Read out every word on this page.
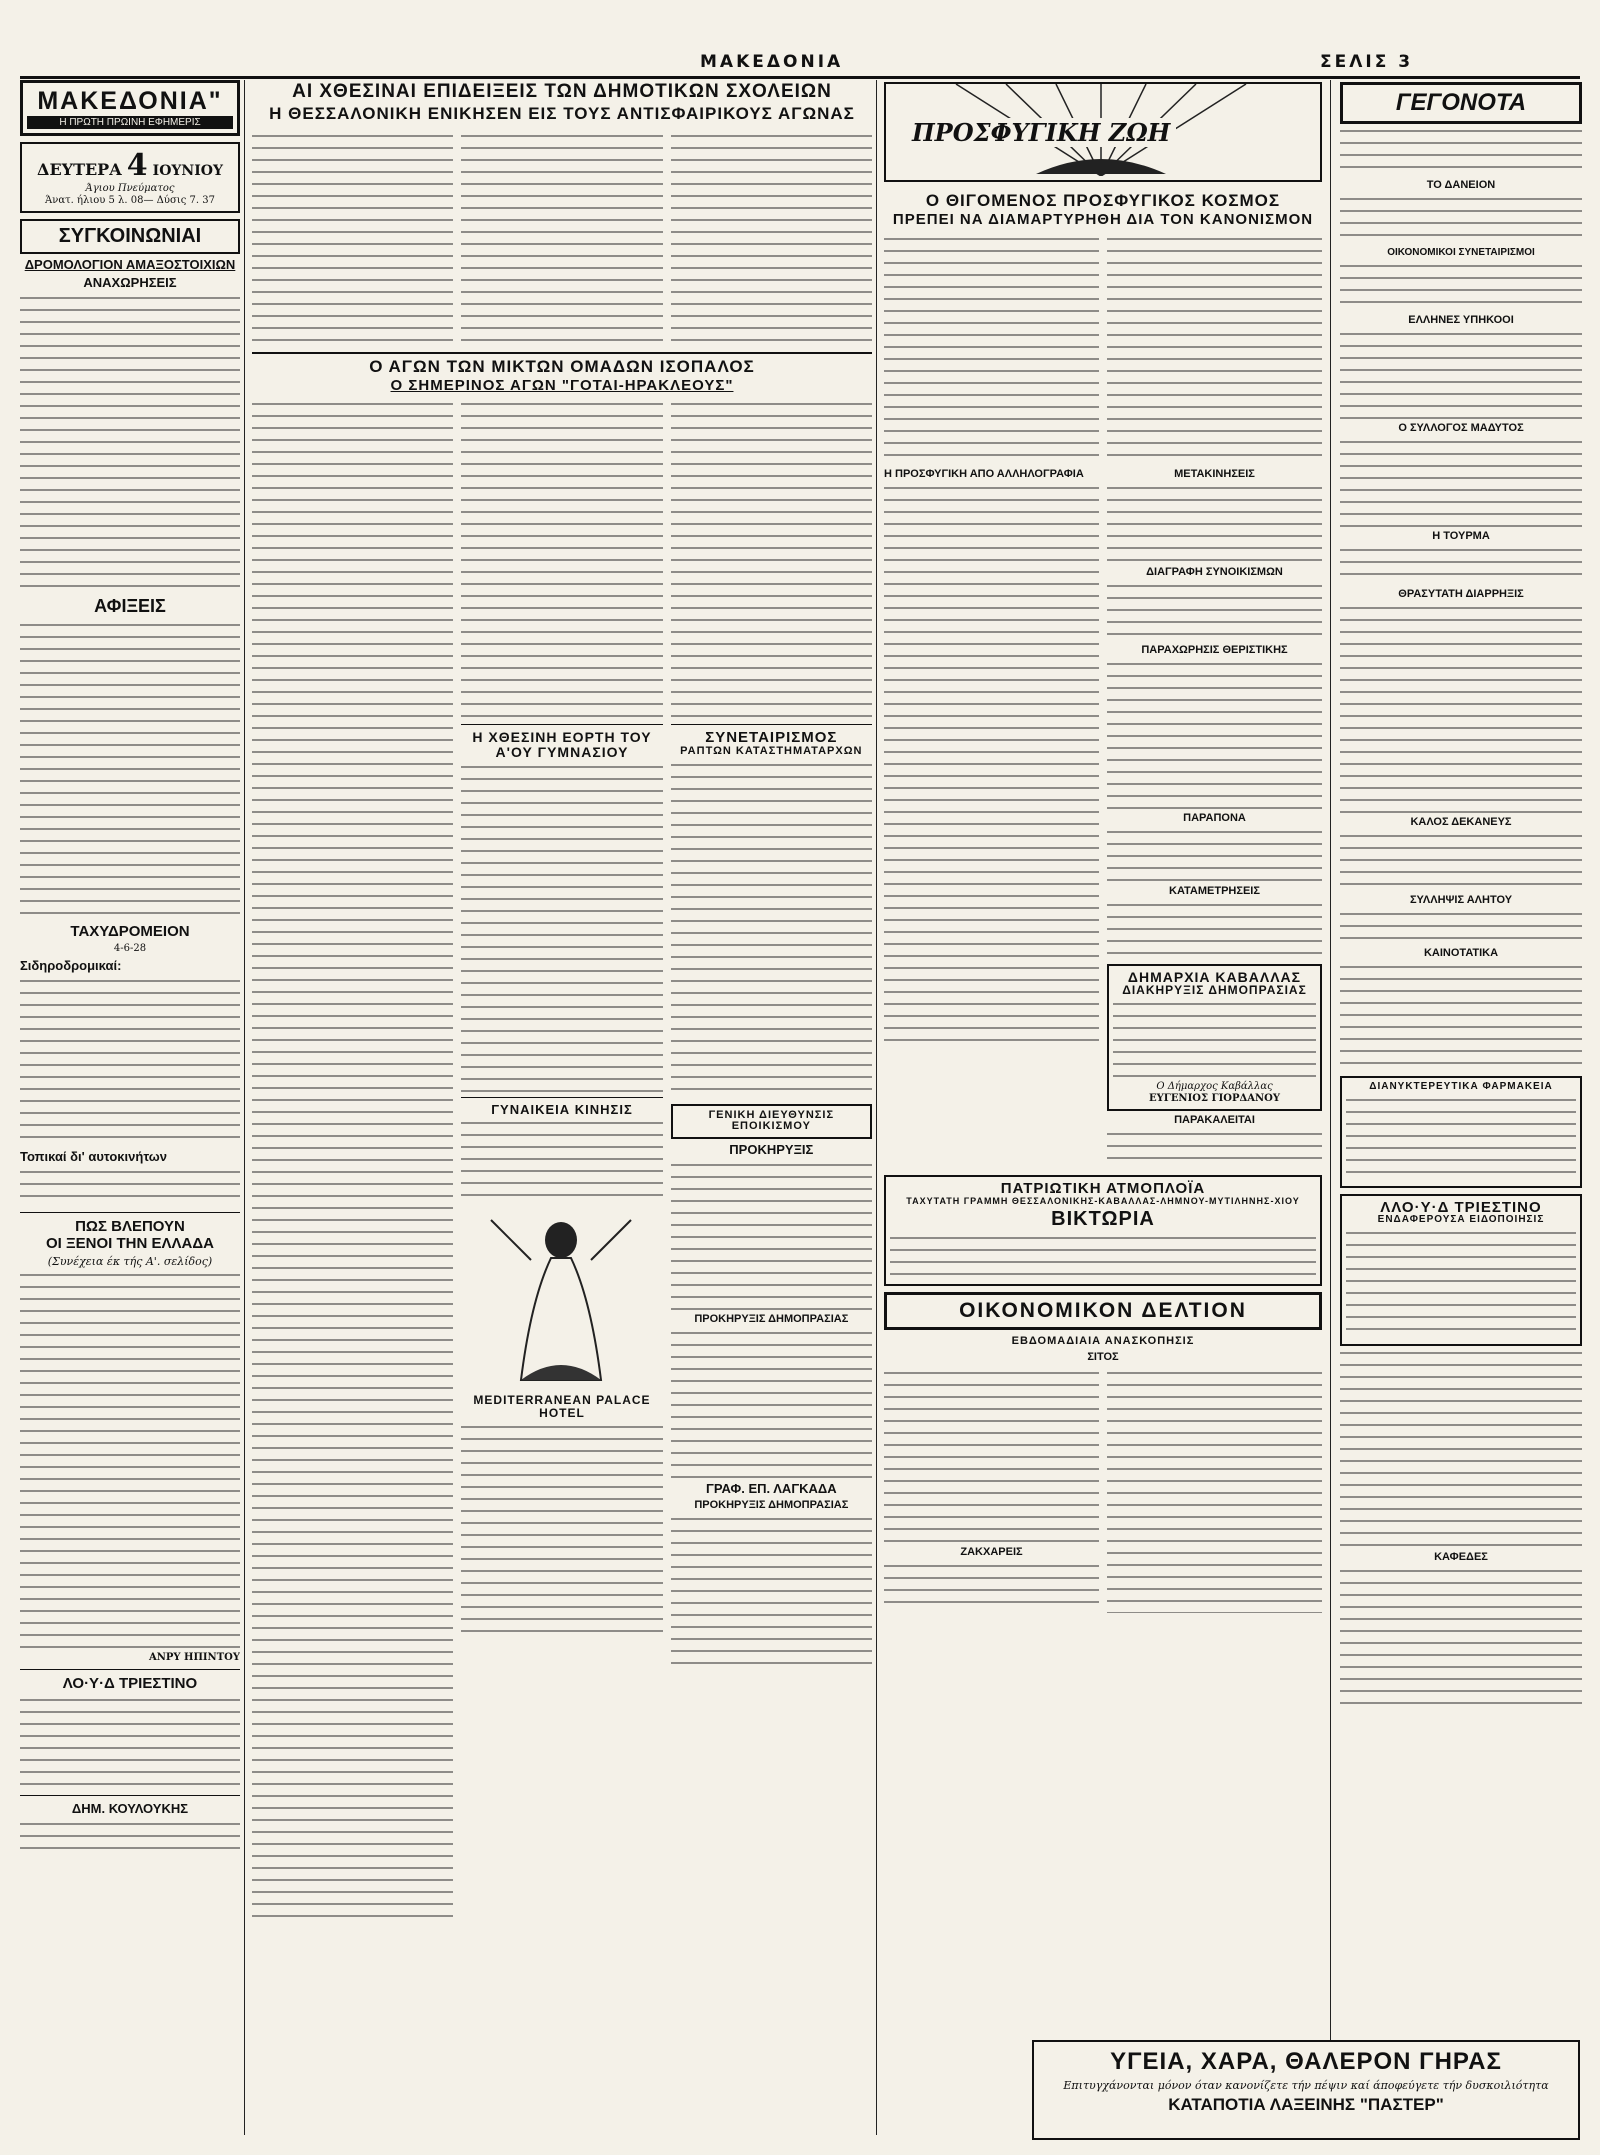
ΜΑΚΕΔΟΝΙΑ	ΣΕΛΙΣ 3
ΜΑΚΕΔΟΝΙΑ"
Η ΠΡΩΤΗ ΠΡΩΙΝΗ ΕΦΗΜΕΡΙΣ
ΔΕΥΤΕΡΑ 4 ΙΟΥΝΙΟΥ
Άγιου Πνεύματος
Άνατ. ήλιου 5 λ. 08— Δύσις 7. 37
ΣΥΓΚΟΙΝΩΝΙΑΙ
ΔΡΟΜΟΛΟΓΙΟΝ ΑΜΑΞΟΣΤΟΙΧΙΩΝ
ΑΝΑΧΩΡΗΣΕΙΣ
ΑΦΙΞΕΙΣ
ΤΑΧΥΔΡΟΜΕΙΟΝ
4-6-28
Σιδηροδρομικαί:
Τοπικαί δι' αυτοκινήτων
ΠΩΣ ΒΛΕΠΟΥΝ
ΟΙ ΞΕΝΟΙ ΤΗΝ ΕΛΛΑΔΑ
(Συνέχεια έκ τής Α'. σελίδος)
ΑΝΡΥ ΗΠΙΝΤΟΥ
ΛΟ·Υ·Δ ΤΡΙΕΣΤΙΝΟ
ΔΗΜ. ΚΟΥΛΟΥΚΗΣ
ΑΙ ΧΘΕΣΙΝΑΙ ΕΠΙΔΕΙΞΕΙΣ ΤΩΝ ΔΗΜΟΤΙΚΩΝ ΣΧΟΛΕΙΩΝ
Η ΘΕΣΣΑΛΟΝΙΚΗ ΕΝΙΚΗΣΕΝ ΕΙΣ ΤΟΥΣ ΑΝΤΙΣΦΑΙΡΙΚΟΥΣ ΑΓΩΝΑΣ
Ο ΑΓΩΝ ΤΩΝ ΜΙΚΤΩΝ ΟΜΑΔΩΝ ΙΣΟΠΑΛΟΣ
Ο ΣΗΜΕΡΙΝΟΣ ΑΓΩΝ "ΓΟΤΑΙ-ΗΡΑΚΛΕΟΥΣ"
Η ΧΘΕΣΙΝΗ ΕΟΡΤΗ ΤΟΥ Α'ΟΥ ΓΥΜΝΑΣΙΟΥ
ΓΥΝΑΙΚΕΙΑ ΚΙΝΗΣΙΣ
MEDITERRANEAN PALACE HOTEL
ΣΥΝΕΤΑΙΡΙΣΜΟΣ
ΡΑΠΤΩΝ ΚΑΤΑΣΤΗΜΑΤΑΡΧΩΝ
ΓΕΝΙΚΗ ΔΙΕΥΘΥΝΣΙΣ ΕΠΟΙΚΙΣΜΟΥ
ΠΡΟΚΗΡΥΞΙΣ
ΠΡΟΚΗΡΥΞΙΣ ΔΗΜΟΠΡΑΣΙΑΣ
ΓΡΑΦ. ΕΠ. ΛΑΓΚΑΔΑ
ΠΡΟΚΗΡΥΞΙΣ ΔΗΜΟΠΡΑΣΙΑΣ
ΠΡΟΣΦΥΓΙΚΗ ΖΩΗ
Ο ΘΙΓΟΜΕΝΟΣ ΠΡΟΣΦΥΓΙΚΟΣ ΚΟΣΜΟΣ
ΠΡΕΠΕΙ ΝΑ ΔΙΑΜΑΡΤΥΡΗΘΗ ΔΙΑ ΤΟΝ ΚΑΝΟΝΙΣΜΟΝ
Η ΠΡΟΣΦΥΓΙΚΗ ΑΠΟ ΑΛΛΗΛΟΓΡΑΦΙΑ	ΜΕΤΑΚΙΝΗΣΕΙΣ
ΔΙΑΓΡΑΦΗ ΣΥΝΟΙΚΙΣΜΩΝ
ΠΑΡΑΧΩΡΗΣΙΣ ΘΕΡΙΣΤΙΚΗΣ
ΠΑΡΑΠΟΝΑ
ΚΑΤΑΜΕΤΡΗΣΕΙΣ
ΔΗΜΑΡΧΙΑ ΚΑΒΑΛΛΑΣ
ΔΙΑΚΗΡΥΞΙΣ ΔΗΜΟΠΡΑΣΙΑΣ
Ο Δήμαρχος Καβάλλας
ΕΥΓΕΝΙΟΣ ΓΙΟΡΔΑΝΟΥ
ΠΑΡΑΚΑΛΕΙΤΑΙ
ΠΑΤΡΙΩΤΙΚΗ ΑΤΜΟΠΛΟΪΑ
ΤΑΧΥΤΑΤΗ ΓΡΑΜΜΗ ΘΕΣΣΑΛΟΝΙΚΗΣ-ΚΑΒΑΛΛΑΣ-ΛΗΜΝΟΥ-ΜΥΤΙΛΗΝΗΣ-ΧΙΟΥ
ΒΙΚΤΩΡΙΑ
ΟΙΚΟΝΟΜΙΚΟΝ ΔΕΛΤΙΟΝ
ΕΒΔΟΜΑΔΙΑΙΑ ΑΝΑΣΚΟΠΗΣΙΣ
ΣΙΤΟΣ
ΖΑΚΧΑΡΕΙΣ
ΓΕΓΟΝΟΤΑ
ΤΟ ΔΑΝΕΙΟΝ
ΟΙΚΟΝΟΜΙΚΟΙ ΣΥΝΕΤΑΙΡΙΣΜΟΙ
ΕΛΛΗΝΕΣ ΥΠΗΚΟΟΙ
Ο ΣΥΛΛΟΓΟΣ ΜΑΔΥΤΟΣ
Η ΤΟΥΡΜΑ
ΘΡΑΣΥΤΑΤΗ ΔΙΑΡΡΗΞΙΣ
ΚΑΛΟΣ ΔΕΚΑΝΕΥΣ
ΣΥΛΛΗΨΙΣ ΑΛΗΤΟΥ
ΚΑΙΝΟΤΑΤΙΚΑ
ΔΙΑΝΥΚΤΕΡΕΥΤΙΚΑ ΦΑΡΜΑΚΕΙΑ
ΛΛΟ·Υ·Δ ΤΡΙΕΣΤΙΝΟ
ΕΝΔΑΦΕΡΟΥΣΑ ΕΙΔΟΠΟΙΗΣΙΣ
ΚΑΦΕΔΕΣ
ΥΓΕΙΑ, ΧΑΡΑ, ΘΑΛΕΡΟΝ ΓΗΡΑΣ
Επιτυγχάνονται μόνον όταν κανονίζετε τήν πέψιν καί άποφεύγετε τήν δυσκοιλιότητα
ΚΑΤΑΠΟΤΙΑ ΛΑΞΕΙΝΗΣ "ΠΑΣΤΕΡ"
